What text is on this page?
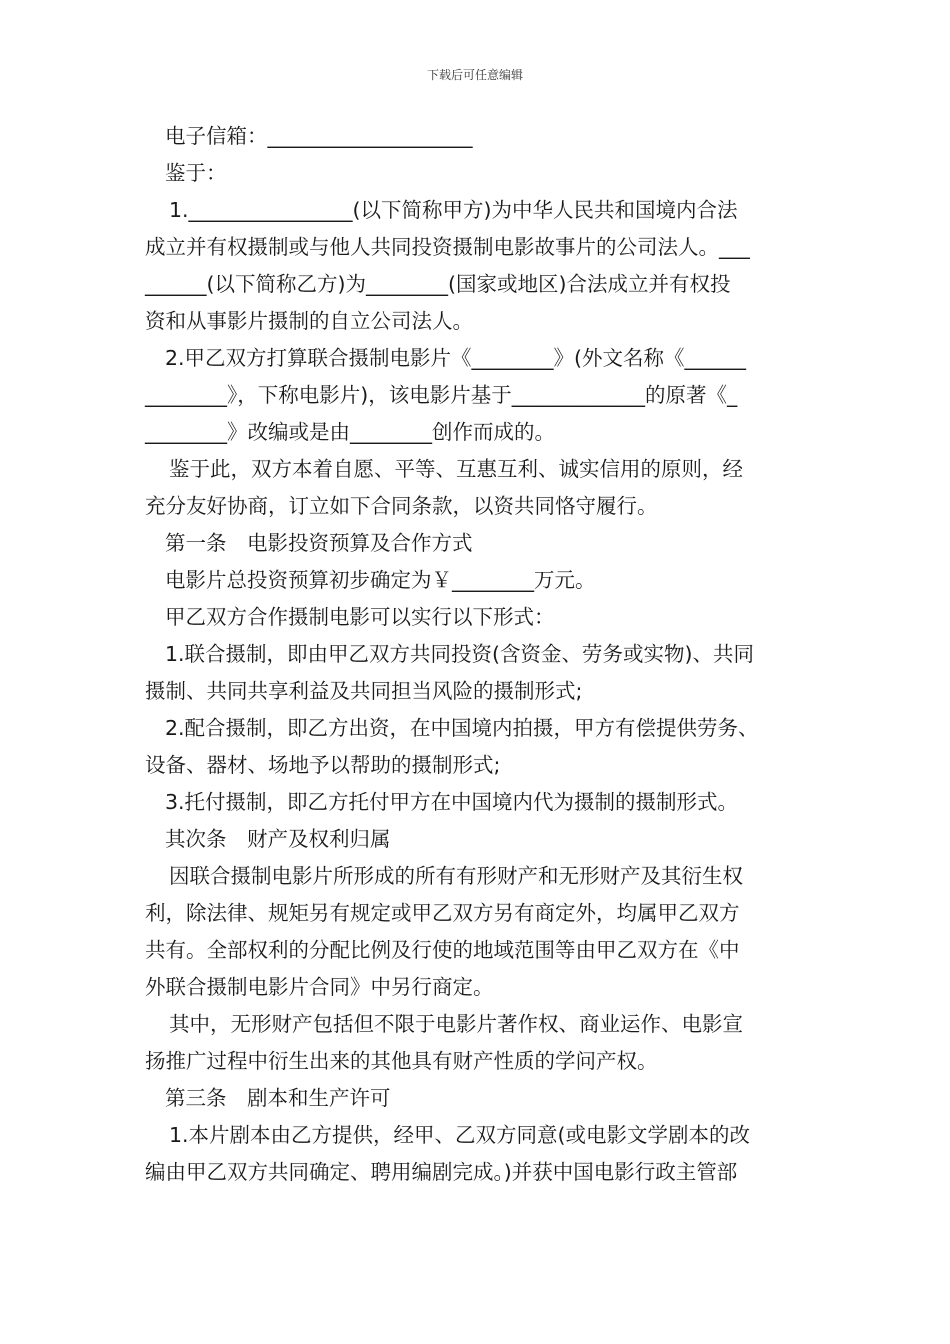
下载后可任意编辑
电子信箱：____________________
鉴于：
1.________________(以下简称甲方)为中华人民共和国境内合法
成立并有权摄制或与他人共同投资摄制电影故事片的公司法人。___
______(以下简称乙方)为________(国家或地区)合法成立并有权投
资和从事影片摄制的自立公司法人。
2.甲乙双方打算联合摄制电影片《________》(外文名称《______
________》，下称电影片)，该电影片基于_____________的原著《_
________》改编或是由________创作而成的。
鉴于此，双方本着自愿、平等、互惠互利、诚实信用的原则，经
充分友好协商，订立如下合同条款，以资共同恪守履行。
第一条　电影投资预算及合作方式
电影片总投资预算初步确定为￥________万元。
甲乙双方合作摄制电影可以实行以下形式：
1.联合摄制，即由甲乙双方共同投资(含资金、劳务或实物)、共同
摄制、共同共享利益及共同担当风险的摄制形式;
2.配合摄制，即乙方出资，在中国境内拍摄，甲方有偿提供劳务、
设备、器材、场地予以帮助的摄制形式;
3.托付摄制，即乙方托付甲方在中国境内代为摄制的摄制形式。
其次条　财产及权利归属
因联合摄制电影片所形成的所有有形财产和无形财产及其衍生权
利，除法律、规矩另有规定或甲乙双方另有商定外，均属甲乙双方
共有。全部权利的分配比例及行使的地域范围等由甲乙双方在《中
外联合摄制电影片合同》中另行商定。
其中，无形财产包括但不限于电影片著作权、商业运作、电影宣
扬推广过程中衍生出来的其他具有财产性质的学问产权。
第三条　剧本和生产许可
1.本片剧本由乙方提供，经甲、乙双方同意(或电影文学剧本的改
编由甲乙双方共同确定、聘用编剧完成。)并获中国电影行政主管部
